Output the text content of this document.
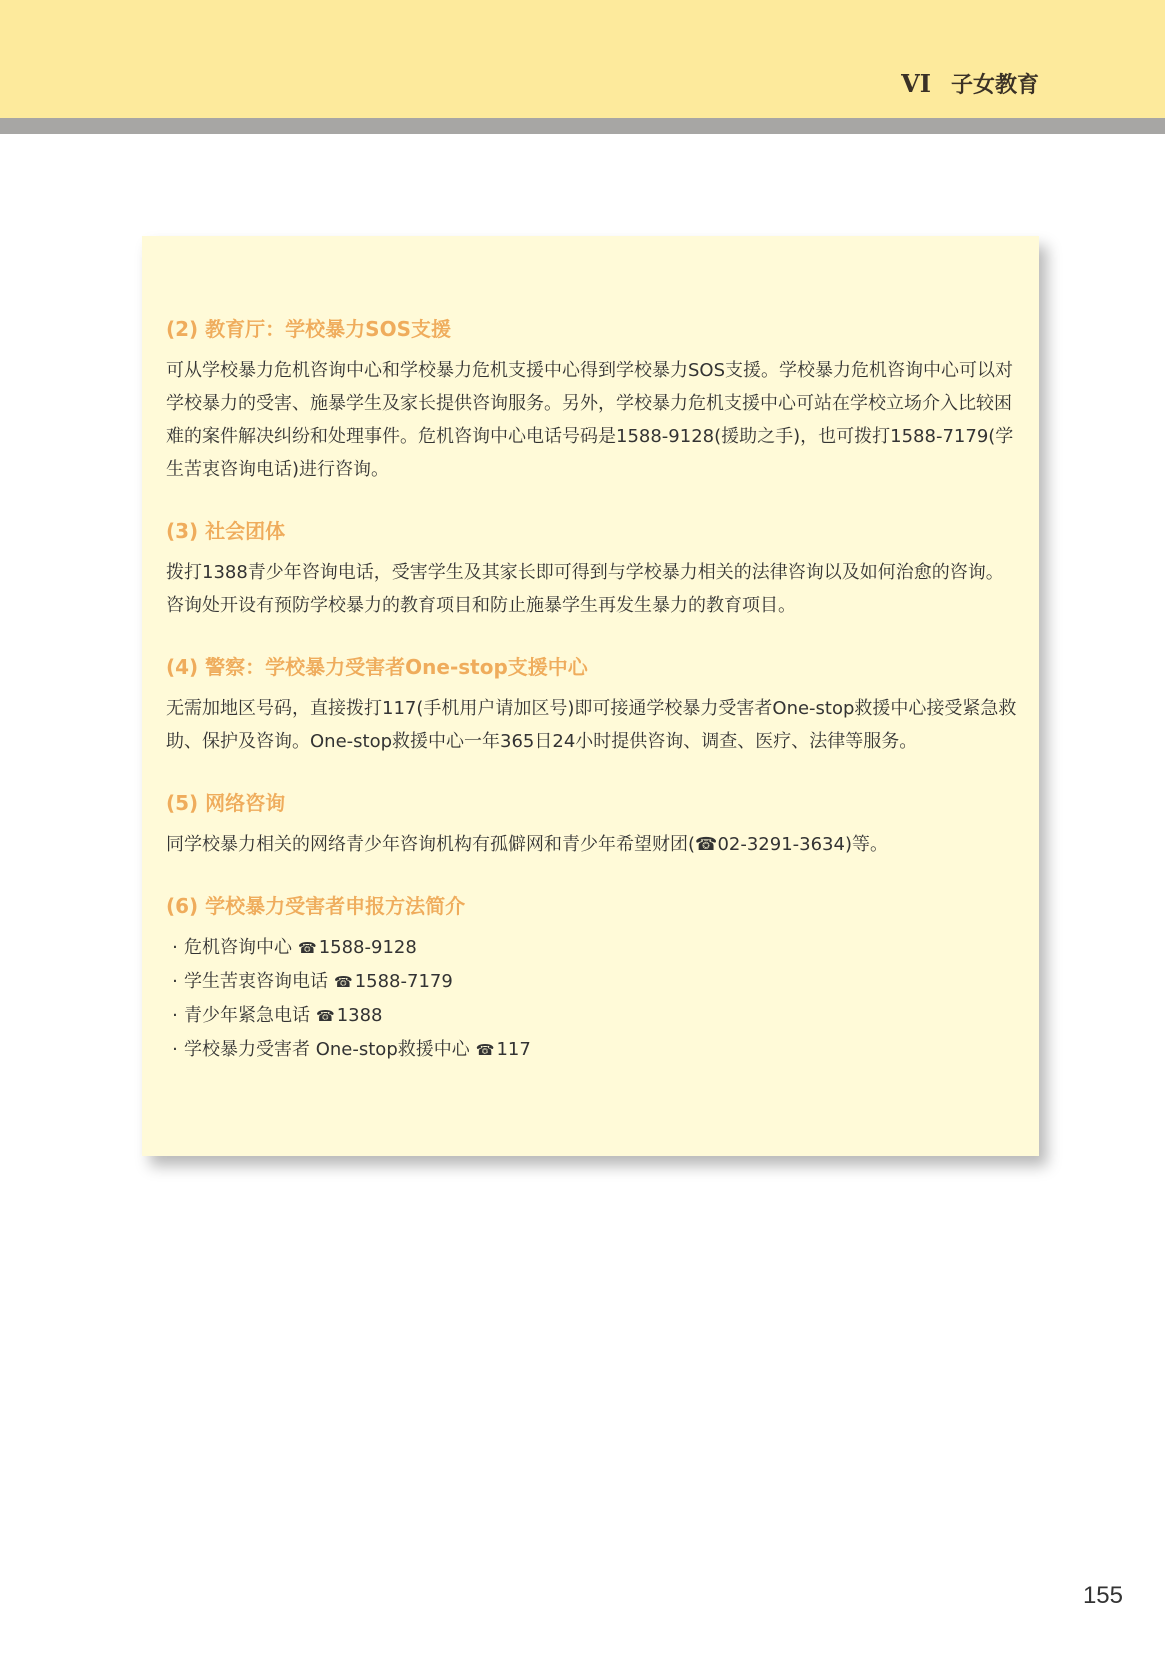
VI 子女教育
(2) 教育厅：学校暴力SOS支援

可从学校暴力危机咨询中心和学校暴力危机支援中心得到学校暴力SOS支援。学校暴力危机咨询中心可以对学校暴力的受害、施暴学生及家长提供咨询服务。另外，学校暴力危机支援中心可站在学校立场介入比较困难的案件解决纠纷和处理事件。危机咨询中心电话号码是1588-9128(援助之手)，也可拨打1588-7179(学生苦衷咨询电话)进行咨询。

(3) 社会团体

拨打1388青少年咨询电话，受害学生及其家长即可得到与学校暴力相关的法律咨询以及如何治愈的咨询。咨询处开设有预防学校暴力的教育项目和防止施暴学生再发生暴力的教育项目。

(4) 警察：学校暴力受害者One-stop支援中心

无需加地区号码，直接拨打117(手机用户请加区号)即可接通学校暴力受害者One-stop救援中心接受紧急救助、保护及咨询。One-stop救援中心一年365日24小时提供咨询、调查、医疗、法律等服务。

(5) 网络咨询

同学校暴力相关的网络青少年咨询机构有孤僻网和青少年希望财团(☎02-3291-3634)等。

(6) 学校暴力受害者申报方法简介
· 危机咨询中心 ☎ 1588-9128
· 学生苦衷咨询电话 ☎ 1588-7179
· 青少年紧急电话 ☎ 1388
· 学校暴力受害者 One-stop救援中心 ☎ 117
155
